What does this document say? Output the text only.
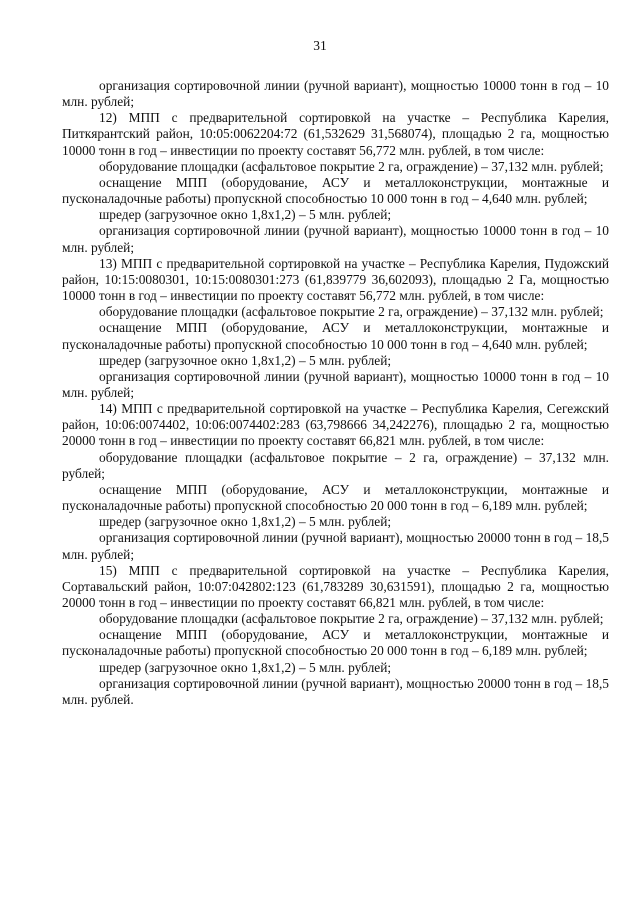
31

организация сортировочной линии (ручной вариант), мощностью 10000 тонн в год – 10 млн. рублей;

12) МПП с предварительной сортировкой на участке – Республика Карелия, Питкярантский район, 10:05:0062204:72 (61,532629 31,568074), площадью 2 га, мощностью 10000 тонн в год – инвестиции по проекту составят 56,772 млн. рублей, в том числе:

оборудование площадки (асфальтовое покрытие 2 га, ограждение) – 37,132 млн. рублей;

оснащение МПП (оборудование, АСУ и металлоконструкции, монтажные и пусконаладочные работы) пропускной способностью 10 000 тонн в год – 4,640 млн. рублей;

шредер (загрузочное окно 1,8х1,2) – 5 млн. рублей;

организация сортировочной линии (ручной вариант), мощностью 10000 тонн в год – 10 млн. рублей;

13) МПП с предварительной сортировкой на участке – Республика Карелия, Пудожский район, 10:15:0080301, 10:15:0080301:273 (61,839779 36,602093), площадью 2 Га, мощностью 10000 тонн в год – инвестиции по проекту составят 56,772 млн. рублей, в том числе:

оборудование площадки (асфальтовое покрытие 2 га, ограждение) – 37,132 млн. рублей;

оснащение МПП (оборудование, АСУ и металлоконструкции, монтажные и пусконаладочные работы) пропускной способностью 10 000 тонн в год – 4,640 млн. рублей;

шредер (загрузочное окно 1,8х1,2) – 5 млн. рублей;

организация сортировочной линии (ручной вариант), мощностью 10000 тонн в год – 10 млн. рублей;

14) МПП с предварительной сортировкой на участке – Республика Карелия, Сегежский район, 10:06:0074402, 10:06:0074402:283 (63,798666 34,242276), площадью 2 га, мощностью 20000 тонн в год – инвестиции по проекту составят 66,821 млн. рублей, в том числе:

оборудование площадки (асфальтовое покрытие – 2 га, ограждение) – 37,132 млн. рублей;

оснащение МПП (оборудование, АСУ и металлоконструкции, монтажные и пусконаладочные работы) пропускной способностью 20 000 тонн в год – 6,189 млн. рублей;

шредер (загрузочное окно 1,8х1,2) – 5 млн. рублей;

организация сортировочной линии (ручной вариант), мощностью 20000 тонн в год – 18,5 млн. рублей;

15) МПП с предварительной сортировкой на участке – Республика Карелия, Сортавальский район, 10:07:042802:123 (61,783289 30,631591), площадью 2 га, мощностью 20000 тонн в год – инвестиции по проекту составят 66,821 млн. рублей, в том числе:

оборудование площадки (асфальтовое покрытие 2 га, ограждение) – 37,132 млн. рублей;

оснащение МПП (оборудование, АСУ и металлоконструкции, монтажные и пусконаладочные работы) пропускной способностью 20 000 тонн в год – 6,189 млн. рублей;

шредер (загрузочное окно 1,8х1,2) – 5 млн. рублей;

организация сортировочной линии (ручной вариант), мощностью 20000 тонн в год – 18,5 млн. рублей.
